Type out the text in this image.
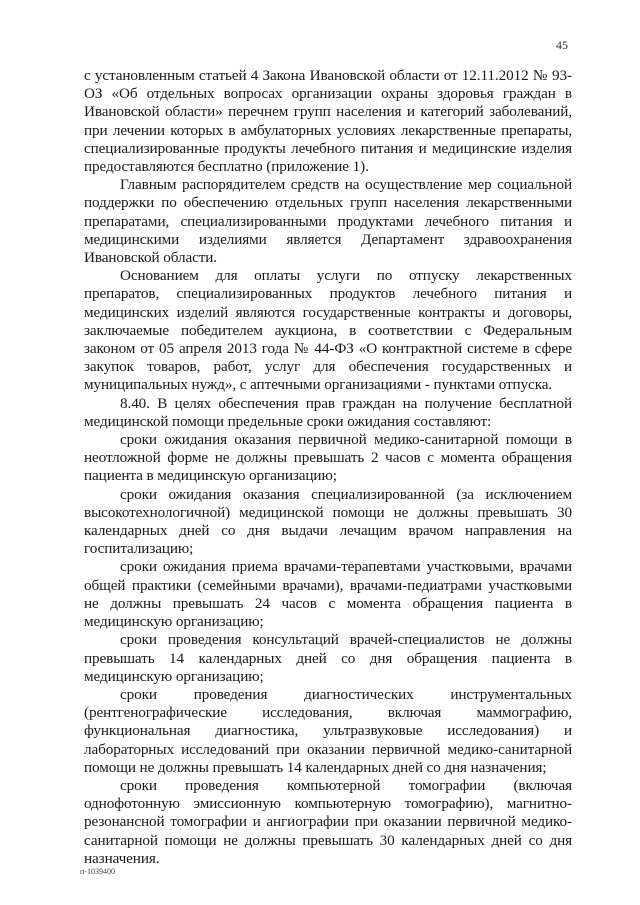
45

с установленным статьей 4 Закона Ивановской области от 12.11.2012 № 93-ОЗ «Об отдельных вопросах организации охраны здоровья граждан в Ивановской области» перечнем групп населения и категорий заболеваний, при лечении которых в амбулаторных условиях лекарственные препараты, специализированные продукты лечебного питания и медицинские изделия предоставляются бесплатно (приложение 1).

Главным распорядителем средств на осуществление мер социальной поддержки по обеспечению отдельных групп населения лекарственными препаратами, специализированными продуктами лечебного питания и медицинскими изделиями является Департамент здравоохранения Ивановской области.

Основанием для оплаты услуги по отпуску лекарственных препаратов, специализированных продуктов лечебного питания и медицинских изделий являются государственные контракты и договоры, заключаемые победителем аукциона, в соответствии с Федеральным законом от 05 апреля 2013 года № 44-ФЗ «О контрактной системе в сфере закупок товаров, работ, услуг для обеспечения государственных и муниципальных нужд», с аптечными организациями - пунктами отпуска.

8.40. В целях обеспечения прав граждан на получение бесплатной медицинской помощи предельные сроки ожидания составляют:

сроки ожидания оказания первичной медико-санитарной помощи в неотложной форме не должны превышать 2 часов с момента обращения пациента в медицинскую организацию;

сроки ожидания оказания специализированной (за исключением высокотехнологичной) медицинской помощи не должны превышать 30 календарных дней со дня выдачи лечащим врачом направления на госпитализацию;

сроки ожидания приема врачами-терапевтами участковыми, врачами общей практики (семейными врачами), врачами-педиатрами участковыми не должны превышать 24 часов с момента обращения пациента в медицинскую организацию;

сроки проведения консультаций врачей-специалистов не должны превышать 14 календарных дней со дня обращения пациента в медицинскую организацию;

сроки проведения диагностических инструментальных (рентгенографические исследования, включая маммографию, функциональная диагностика, ультразвуковые исследования) и лабораторных исследований при оказании первичной медико-санитарной помощи не должны превышать 14 календарных дней со дня назначения;

сроки проведения компьютерной томографии (включая однофотонную эмиссионную компьютерную томографию), магнитно-резонансной томографии и ангиографии при оказании первичной медико-санитарной помощи не должны превышать 30 календарных дней со дня назначения.

п-1039400
